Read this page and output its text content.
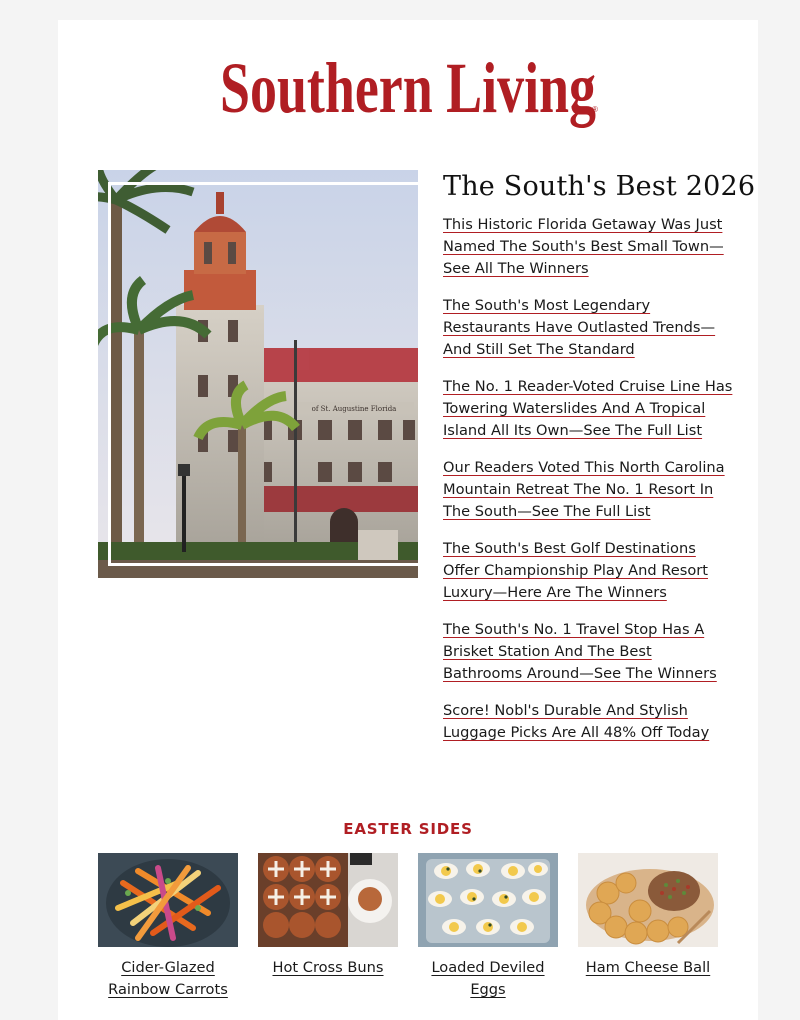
Southern Living
®
of St. Augustine Florida
The South's Best 2026
This Historic Florida Getaway Was Just Named The South's Best Small Town—See All The Winners
The South's Most Legendary Restaurants Have Outlasted Trends—And Still Set The Standard
The No. 1 Reader-Voted Cruise Line Has Towering Waterslides And A Tropical Island All Its Own—See The Full List
Our Readers Voted This North Carolina Mountain Retreat The No. 1 Resort In The South—See The Full List
The South's Best Golf Destinations Offer Championship Play And Resort Luxury—Here Are The Winners
The South's No. 1 Travel Stop Has A Brisket Station And The Best Bathrooms Around—See The Winners
Score! Nobl's Durable And Stylish Luggage Picks Are All 48% Off Today
EASTER SIDES
Cider-Glazed Rainbow Carrots
Hot Cross Buns	Loaded Deviled Eggs
Ham Cheese Ball
